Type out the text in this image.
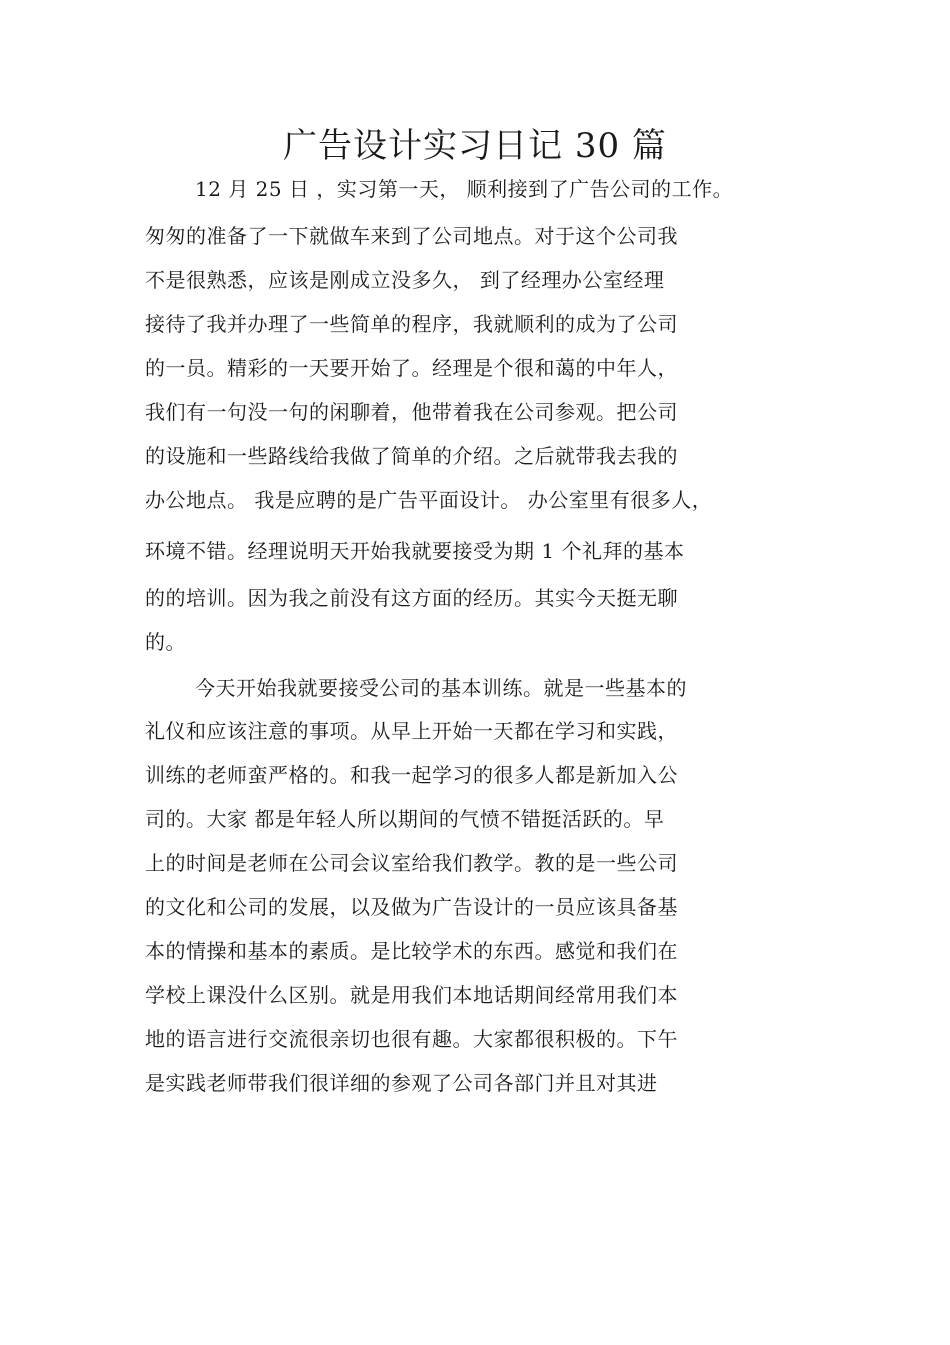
广告设计实习日记 30 篇
12 月 25 日 ，实习第一天， 顺利接到了广告公司的工作。
匆匆的准备了一下就做车来到了公司地点。对于这个公司我
不是很熟悉，应该是刚成立没多久， 到了经理办公室经理
接待了我并办理了一些简单的程序，我就顺利的成为了公司
的一员。精彩的一天要开始了。经理是个很和蔼的中年人，
我们有一句没一句的闲聊着，他带着我在公司参观。把公司
的设施和一些路线给我做了简单的介绍。之后就带我去我的
办公地点。 我是应聘的是广告平面设计。 办公室里有很多人，
环境不错。经理说明天开始我就要接受为期 1 个礼拜的基本
的的培训。因为我之前没有这方面的经历。其实今天挺无聊
的。
今天开始我就要接受公司的基本训练。就是一些基本的
礼仪和应该注意的事项。从早上开始一天都在学习和实践，
训练的老师蛮严格的。和我一起学习的很多人都是新加入公
司的。大家 都是年轻人所以期间的气愤不错挺活跃的。早
上的时间是老师在公司会议室给我们教学。教的是一些公司
的文化和公司的发展，以及做为广告设计的一员应该具备基
本的情操和基本的素质。是比较学术的东西。感觉和我们在
学校上课没什么区别。就是用我们本地话期间经常用我们本
地的语言进行交流很亲切也很有趣。大家都很积极的。下午
是实践老师带我们很详细的参观了公司各部门并且对其进
